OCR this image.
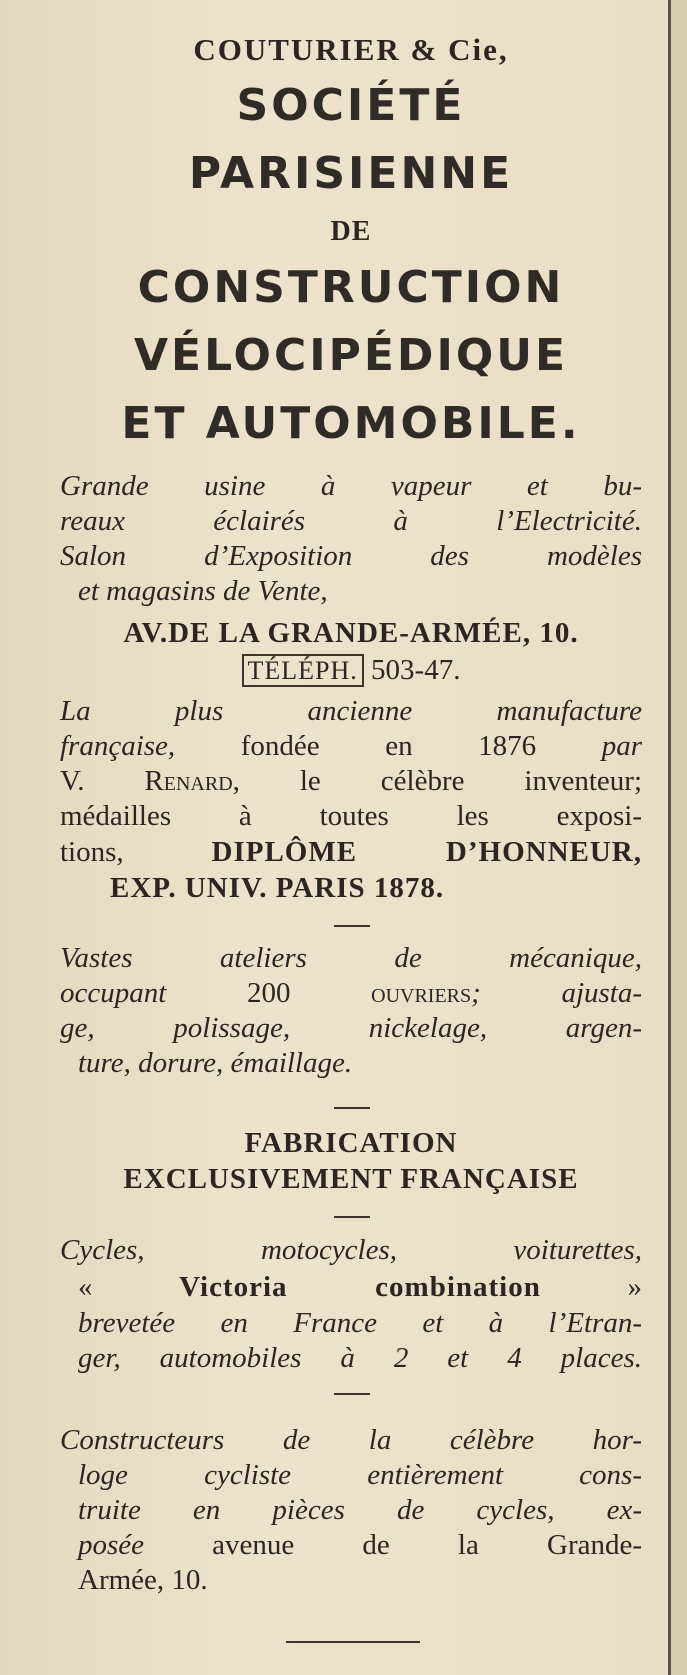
COUTURIER & Cie,
SOCIÉTÉ
PARISIENNE
DE
CONSTRUCTION
VÉLOCIPÉDIQUE
ET AUTOMOBILE.
Grande usine à vapeur et bu-
reaux éclairés à l’Electricité.
Salon d’Exposition des modèles
et magasins de Vente,
AV.DE LA GRANDE-ARMÉE, 10.
TÉLÉPH. 503-47.
La plus ancienne manufacture
française, fondée en 1876 par
V. Renard, le célèbre inventeur;
médailles à toutes les exposi-
tions,	DIPLÔME D’HONNEUR,
EXP. UNIV. PARIS 1878.
Vastes ateliers de mécanique,
occupant	200	ouvriers; ajusta-
ge, polissage, nickelage, argen-
ture, dorure, émaillage.
FABRICATION
EXCLUSIVEMENT FRANÇAISE
Cycles, motocycles, voiturettes,
«	Victoria combination	»
brevetée en France et à l’Etran-
ger, automobiles à 2 et 4 places.
Constructeurs de la célèbre hor-
loge cycliste entièrement cons-
truite en pièces de cycles, ex-
posée avenue de la Grande-
Armée, 10.
